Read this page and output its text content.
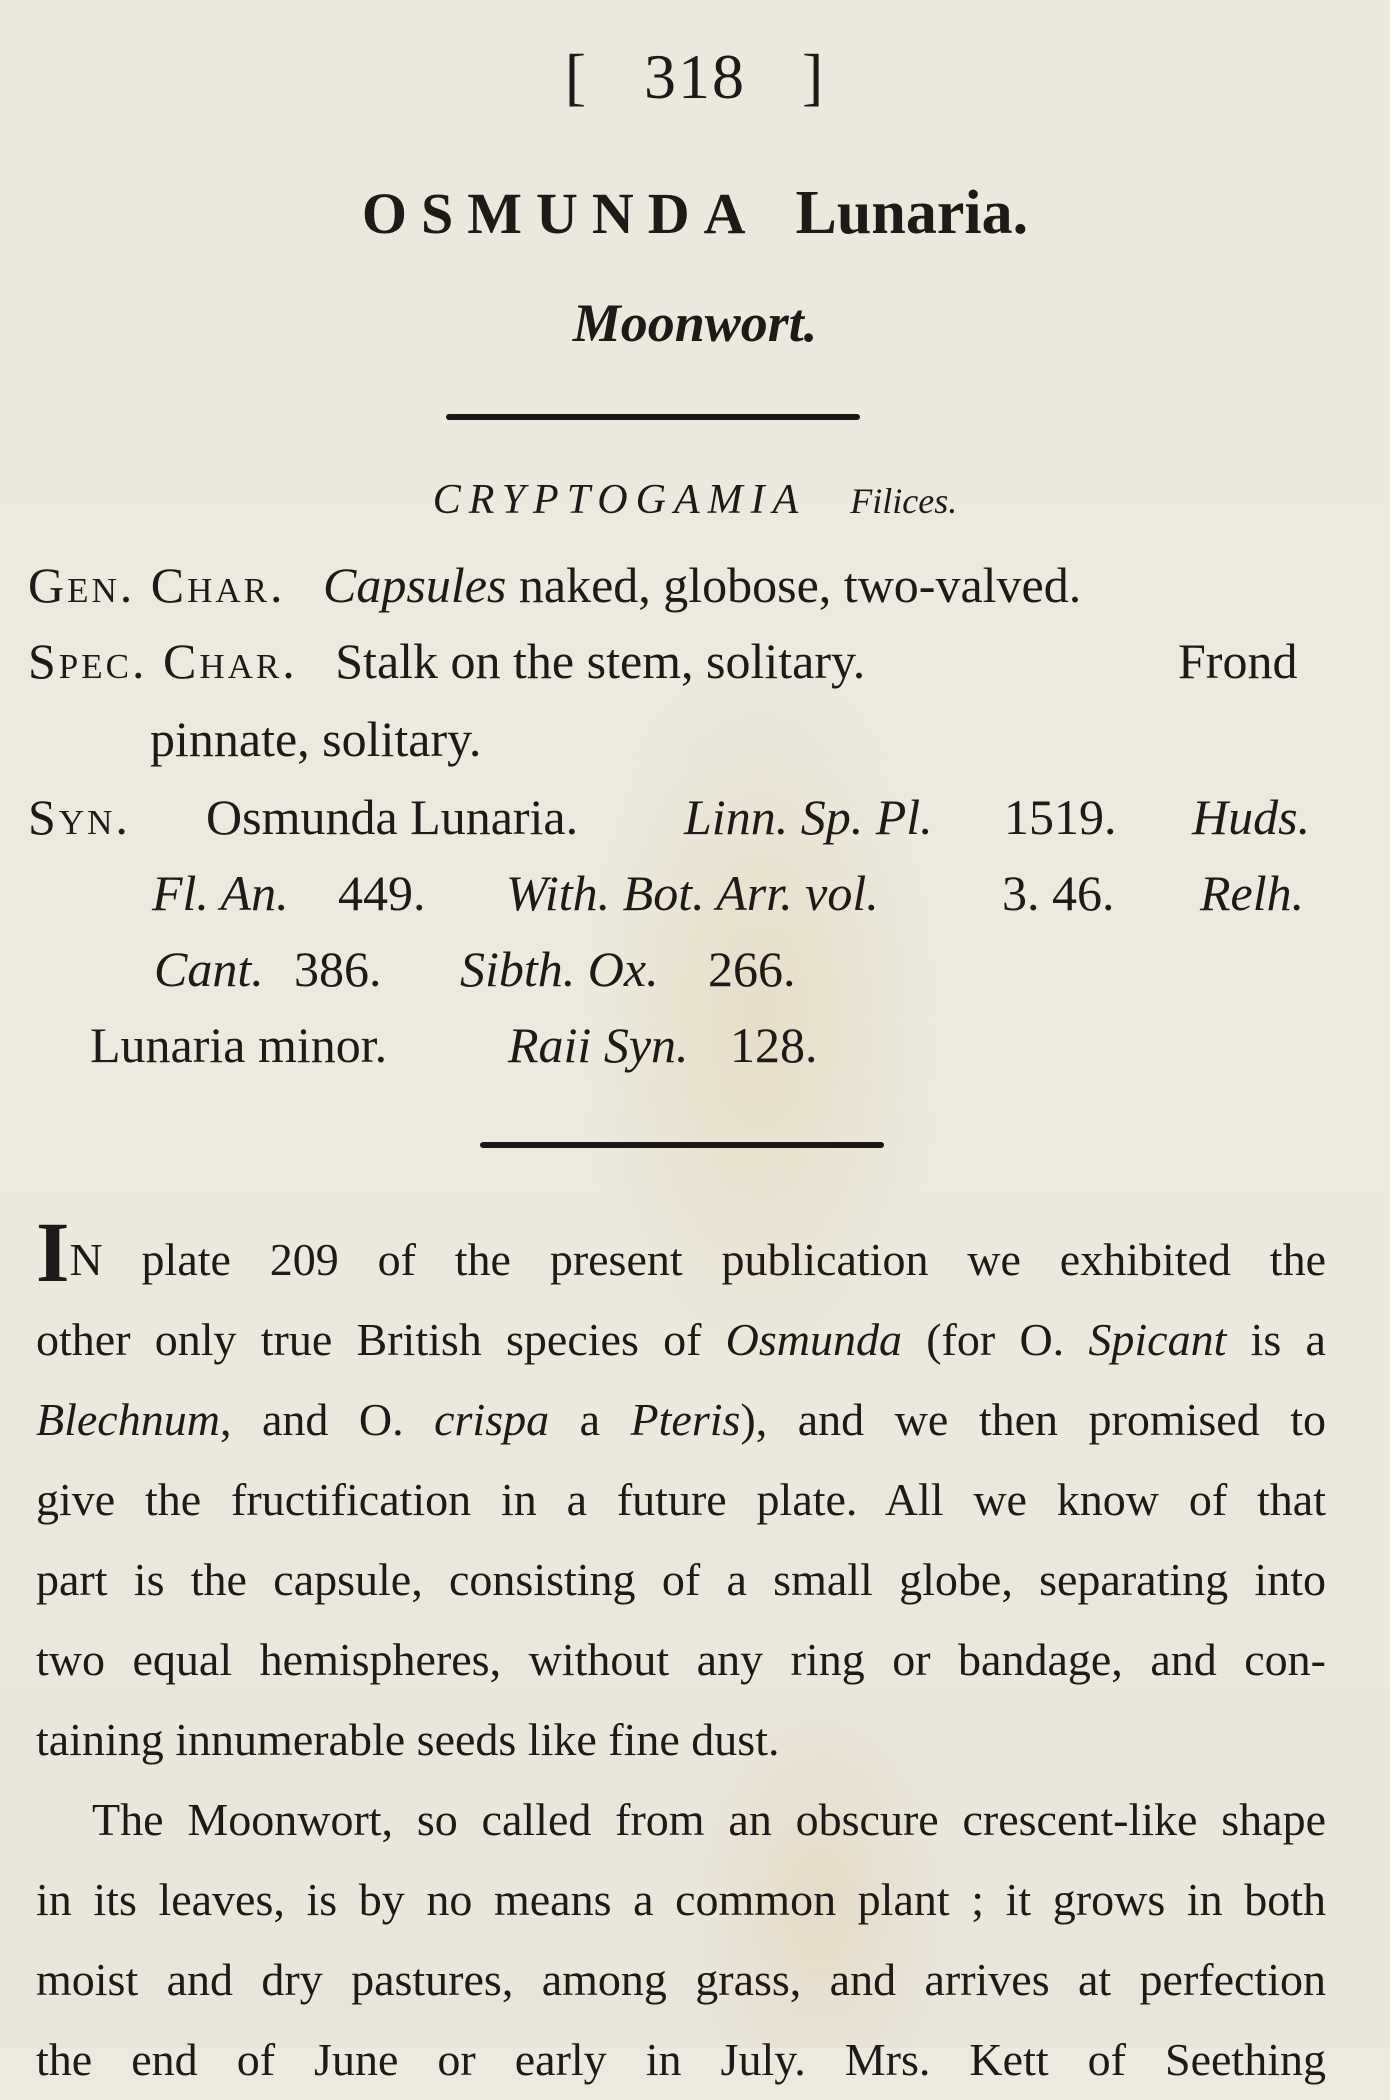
[ 318 ]
OSMUNDA Lunaria.
Moonwort.
CRYPTOGAMIA Filices.
Gen. Char. Capsules naked, globose, two-valved.
Spec. Char. Stalk on the stem, solitary.	Frond
pinnate, solitary.
Syn. Osmunda Lunaria. Linn. Sp. Pl. 1519. Huds.
Fl. An. 449. With. Bot. Arr. vol. 3. 46. Relh.
Cant. 386. Sibth. Ox. 266.
Lunaria minor. Raii Syn. 128.
IN plate 209 of the present publication we exhibited the
other only true British species of Osmunda (for O. Spicant is a
Blechnum, and O. crispa a Pteris), and we then promised to
give the fructification in a future plate. All we know of that
part is the capsule, consisting of a small globe, separating into
two equal hemispheres, without any ring or bandage, and con-
taining innumerable seeds like fine dust.
The Moonwort, so called from an obscure crescent-like shape
in its leaves, is by no means a common plant ; it grows in both
moist and dry pastures, among grass, and arrives at perfection
the end of June or early in July. Mrs. Kett of Seething
